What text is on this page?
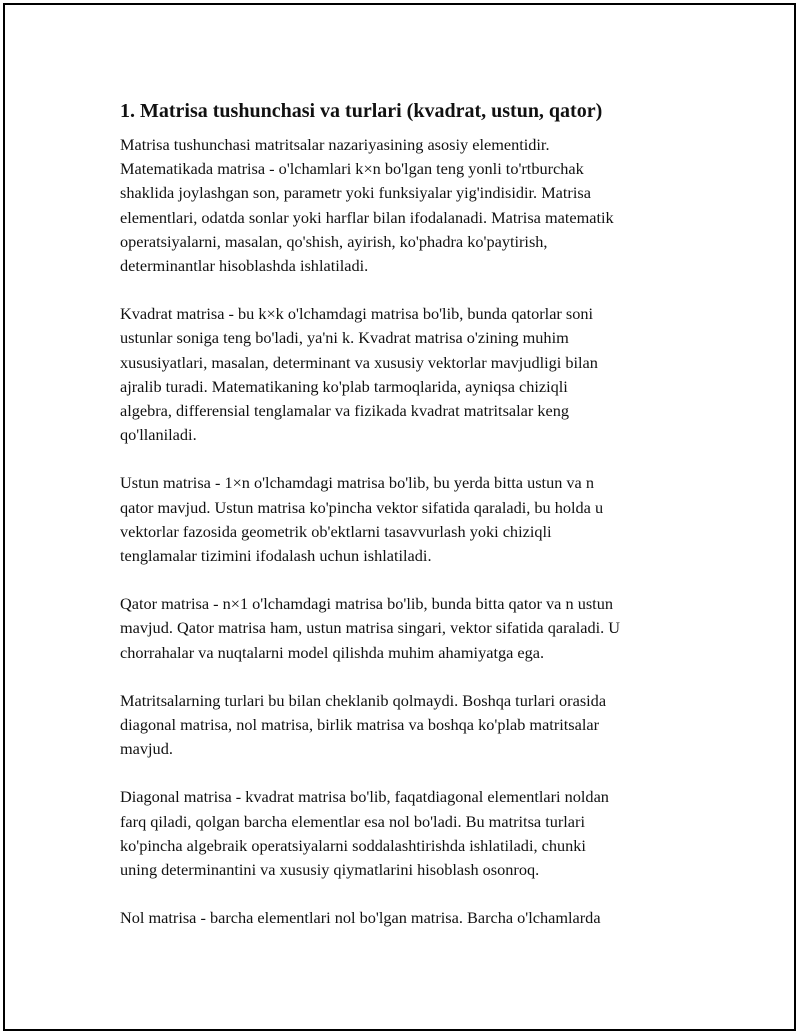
1. Matrisa tushunchasi va turlari (kvadrat, ustun, qator)
Matrisa tushunchasi matritsalar nazariyasining asosiy elementidir.
Matematikada matrisa - o'lchamlari k×n bo'lgan teng yonli to'rtburchak
shaklida joylashgan son, parametr yoki funksiyalar yig'indisidir. Matrisa
elementlari, odatda sonlar yoki harflar bilan ifodalanadi. Matrisa matematik
operatsiyalarni, masalan, qo'shish, ayirish, ko'phadra ko'paytirish,
determinantlar hisoblashda ishlatiladi.
Kvadrat matrisa - bu k×k o'lchamdagi matrisa bo'lib, bunda qatorlar soni
ustunlar soniga teng bo'ladi, ya'ni k. Kvadrat matrisa o'zining muhim
xususiyatlari, masalan, determinant va xususiy vektorlar mavjudligi bilan
ajralib turadi. Matematikaning ko'plab tarmoqlarida, ayniqsa chiziqli
algebra, differensial tenglamalar va fizikada kvadrat matritsalar keng
qo'llaniladi.
Ustun matrisa - 1×n o'lchamdagi matrisa bo'lib, bu yerda bitta ustun va n
qator mavjud. Ustun matrisa ko'pincha vektor sifatida qaraladi, bu holda u
vektorlar fazosida geometrik ob'ektlarni tasavvurlash yoki chiziqli
tenglamalar tizimini ifodalash uchun ishlatiladi.
Qator matrisa - n×1 o'lchamdagi matrisa bo'lib, bunda bitta qator va n ustun
mavjud. Qator matrisa ham, ustun matrisa singari, vektor sifatida qaraladi. U
chorrahalar va nuqtalarni model qilishda muhim ahamiyatga ega.
Matritsalarning turlari bu bilan cheklanib qolmaydi. Boshqa turlari orasida
diagonal matrisa, nol matrisa, birlik matrisa va boshqa ko'plab matritsalar
mavjud.
Diagonal matrisa - kvadrat matrisa bo'lib, faqatdiagonal elementlari noldan
farq qiladi, qolgan barcha elementlar esa nol bo'ladi. Bu matritsa turlari
ko'pincha algebraik operatsiyalarni soddalashtirishda ishlatiladi, chunki
uning determinantini va xususiy qiymatlarini hisoblash osonroq.
Nol matrisa - barcha elementlari nol bo'lgan matrisa. Barcha o'lchamlarda
